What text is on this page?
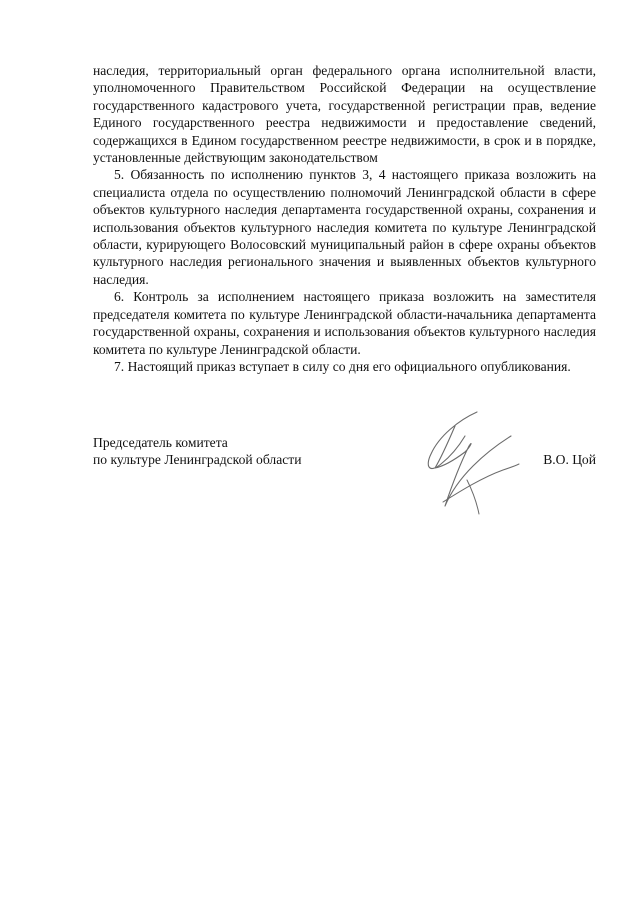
наследия, территориальный орган федерального органа исполнительной власти, уполномоченного Правительством Российской Федерации на осуществление государственного кадастрового учета, государственной регистрации прав, ведение Единого государственного реестра недвижимости и предоставление сведений, содержащихся в Едином государственном реестре недвижимости, в срок и в порядке, установленные действующим законодательством

5. Обязанность по исполнению пунктов 3, 4 настоящего приказа возложить на специалиста отдела по осуществлению полномочий Ленинградской области в сфере объектов культурного наследия департамента государственной охраны, сохранения и использования объектов культурного наследия комитета по культуре Ленинградской области, курирующего Волосовский муниципальный район в сфере охраны объектов культурного наследия регионального значения и выявленных объектов культурного наследия.

6. Контроль за исполнением настоящего приказа возложить на заместителя председателя комитета по культуре Ленинградской области-начальника департамента государственной охраны, сохранения и использования объектов культурного наследия комитета по культуре Ленинградской области.

7. Настоящий приказ вступает в силу со дня его официального опубликования.

Председатель комитета
по культуре Ленинградской области	В.О. Цой
